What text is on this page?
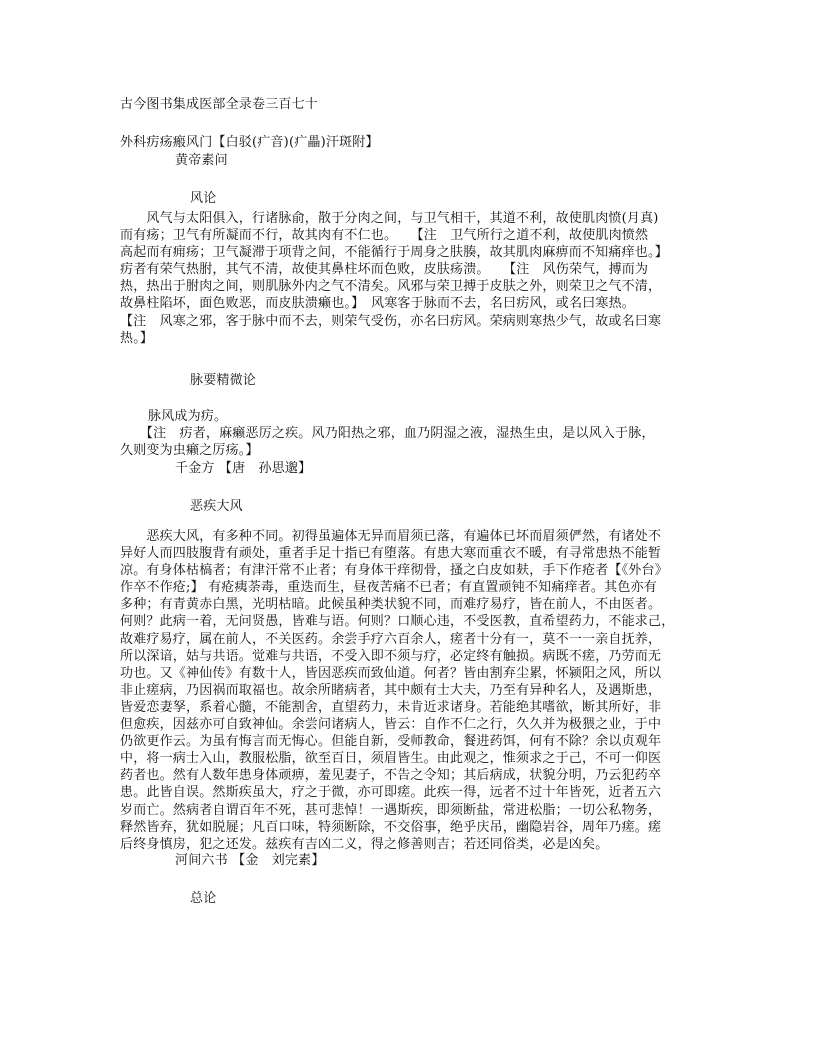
古今图书集成医部全录卷三百七十
外科疠疡瘢风门【白驳(疒音)(疒畾)汗斑附】
黄帝素问
风论

　　风气与太阳俱入，行诸脉俞，散于分肉之间，与卫气相干，其道不利，故使肌肉愤(月真)

而有疡；卫气有所凝而不行，故其肉有不仁也。　　【注　卫气所行之道不利，故使肌肉愤然

高起而有痈疡；卫气凝滞于项背之间，不能循行于周身之肤腠，故其肌肉麻痹而不知痛痒也。】

疠者有荣气热胕，其气不清，故使其鼻柱坏而色败，皮肤疡溃。　　【注　风伤荣气，搏而为

热，热出于胕肉之间，则肌脉外内之气不清矣。风邪与荣卫搏于皮肤之外，则荣卫之气不清，

故鼻柱陷坏，面色败恶，而皮肤溃癞也。】　风寒客于脉而不去，名曰疠风，或名曰寒热。

【注　风寒之邪，客于脉中而不去，则荣气受伤，亦名曰疠风。荣病则寒热少气，故或名曰寒

热。】

脉要精微论

脉风成为疠。

　　【注　疠者，麻癞恶厉之疾。风乃阳热之邪，血乃阴湿之液，湿热生虫，是以风入于脉，

久则变为虫癞之厉疡。】

千金方 【唐　孙思邈】
恶疾大风

　　恶疾大风，有多种不同。初得虽遍体无异而眉须已落，有遍体已坏而眉须俨然，有诸处不

异好人而四肢腹背有顽处，重者手足十指已有堕落。有患大寒而重衣不暖，有寻常患热不能暂

凉。有身体枯槁者；有津汗常不止者；有身体干痒彻骨，搔之白皮如麸，手下作疮者【《外台》

作卒不作疮;】 有疮痍荼毒，重迭而生，昼夜苦痛不已者；有直置顽钝不知痛痒者。其色亦有

多种；有青黄赤白黑，光明枯暗。此候虽种类状貌不同，而难疗易疗，皆在前人，不由医者。

何则？此病一着，无问贤愚，皆难与语。何则？口顺心违，不受医教，直希望药力，不能求己，

故难疗易疗，属在前人，不关医药。余尝手疗六百余人，瘥者十分有一，莫不一一亲自抚养，

所以深谙，姑与共语。觉难与共语，不受入即不须与疗，必定终有触损。病既不瘥，乃劳而无

功也。又《神仙传》有数十人，皆因恶疾而致仙道。何者？皆由割弃尘累，怀颍阳之风，所以

非止瘥病，乃因祸而取福也。故余所睹病者，其中颇有士大夫，乃至有异种名人，及遇斯患，

皆爱恋妻孥，系着心髓，不能割舍，直望药力，未肯近求诸身。若能绝其嗜欲，断其所好，非

但愈疾，因兹亦可自致神仙。余尝问诸病人，皆云：自作不仁之行，久久并为极猥之业，于中

仍欲更作云。为虽有悔言而无悔心。但能自新，受师教命，餐进药饵，何有不除？余以贞观年

中，将一病士入山，教服松脂，欲至百日，须眉皆生。由此观之，惟须求之于己，不可一仰医

药者也。然有人数年患身体顽痹，羞见妻子，不告之令知；其后病成，状貌分明，乃云犯药卒

患。此皆自误。然斯疾虽大，疗之于微，亦可即瘥。此疾一得，远者不过十年皆死，近者五六

岁而亡。然病者自谓百年不死，甚可悲悼！一遇斯疾，即须断盐，常进松脂；一切公私物务，

释然皆弃，犹如脱屣；凡百口味，特须断除，不交俗事，绝乎庆吊，幽隐岩谷，周年乃瘥。瘥

后终身慎房，犯之还发。兹疾有吉凶二义，得之修善则吉；若还同俗类，必是凶矣。

河间六书 【金　刘完素】
总论
